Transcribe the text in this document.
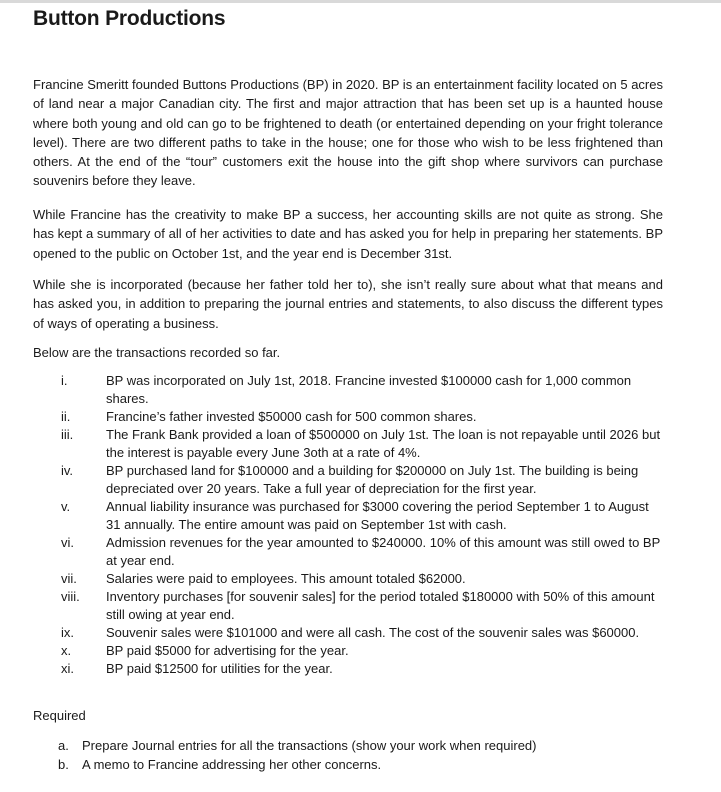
Button Productions

Francine Smeritt founded Buttons Productions (BP) in 2020. BP is an entertainment facility located on 5 acres of land near a major Canadian city. The first and major attraction that has been set up is a haunted house where both young and old can go to be frightened to death (or entertained depending on your fright tolerance level). There are two different paths to take in the house; one for those who wish to be less frightened than others. At the end of the “tour” customers exit the house into the gift shop where survivors can purchase souvenirs before they leave.

While Francine has the creativity to make BP a success, her accounting skills are not quite as strong. She has kept a summary of all of her activities to date and has asked you for help in preparing her statements. BP opened to the public on October 1st, and the year end is December 31st.

While she is incorporated (because her father told her to), she isn’t really sure about what that means and has asked you, in addition to preparing the journal entries and statements, to also discuss the different types of ways of operating a business.

Below are the transactions recorded so far.

i.	BP was incorporated on July 1st, 2018. Francine invested $100000 cash for 1,000 common shares.
ii.	Francine’s father invested $50000 cash for 500 common shares.
iii.	The Frank Bank provided a loan of $500000 on July 1st. The loan is not repayable until 2026 but the interest is payable every June 3oth at a rate of 4%.
iv.	BP purchased land for $100000 and a building for $200000 on July 1st. The building is being depreciated over 20 years. Take a full year of depreciation for the first year.
v.	Annual liability insurance was purchased for $3000 covering the period September 1 to August 31 annually. The entire amount was paid on September 1st with cash.
vi. Admission revenues for the year amounted to $240000. 10% of this amount was still owed to BP at year end.
vii. Salaries were paid to employees. This amount totaled $62000.
viii. Inventory purchases [for souvenir sales] for the period totaled $180000 with 50% of this amount still owing at year end.
ix. Souvenir sales were $101000 and were all cash. The cost of the souvenir sales was $60000.
x.	BP paid $5000 for advertising for the year.
xi. BP paid $12500 for utilities for the year.
Required
a. Prepare Journal entries for all the transactions (show your work when required)
b. A memo to Francine addressing her other concerns.
